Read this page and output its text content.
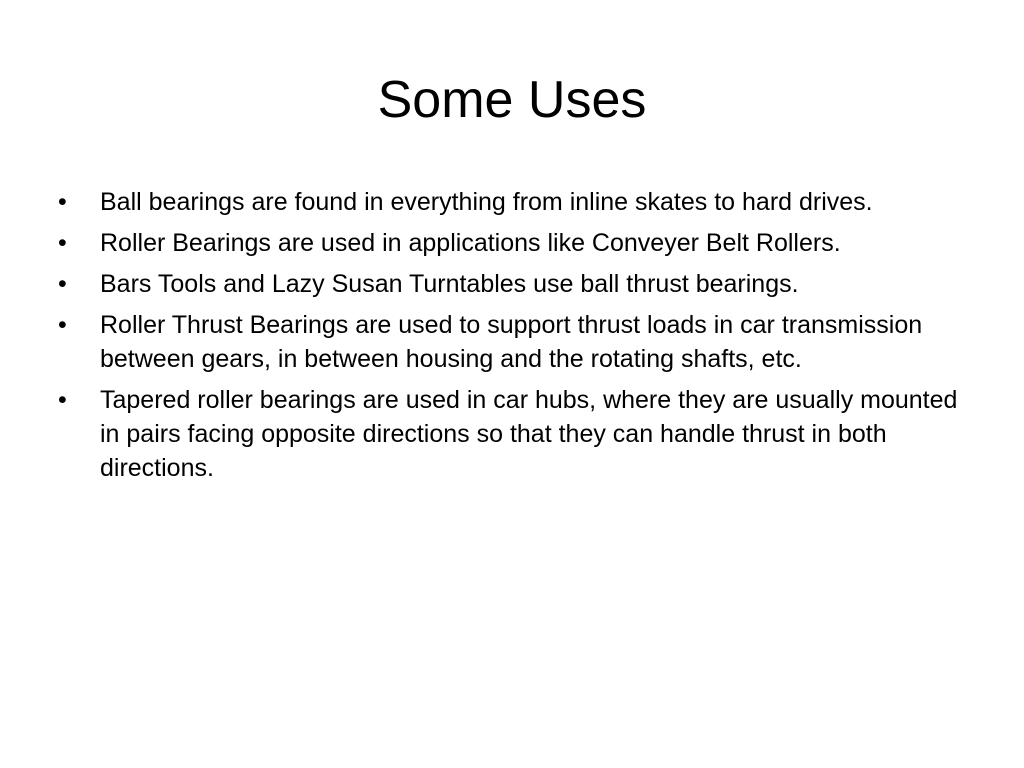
Some Uses
•	Ball bearings are found in everything from inline skates to hard drives.
•	Roller Bearings are used in applications like Conveyer Belt Rollers.
•	Bars Tools and Lazy Susan Turntables use ball thrust bearings.
•	Roller Thrust Bearings are used to support thrust loads in car transmission between gears, in between housing and the rotating shafts, etc.
•	Tapered roller bearings are used in car hubs, where they are usually mounted in pairs facing opposite directions so that they can handle thrust in both directions.
